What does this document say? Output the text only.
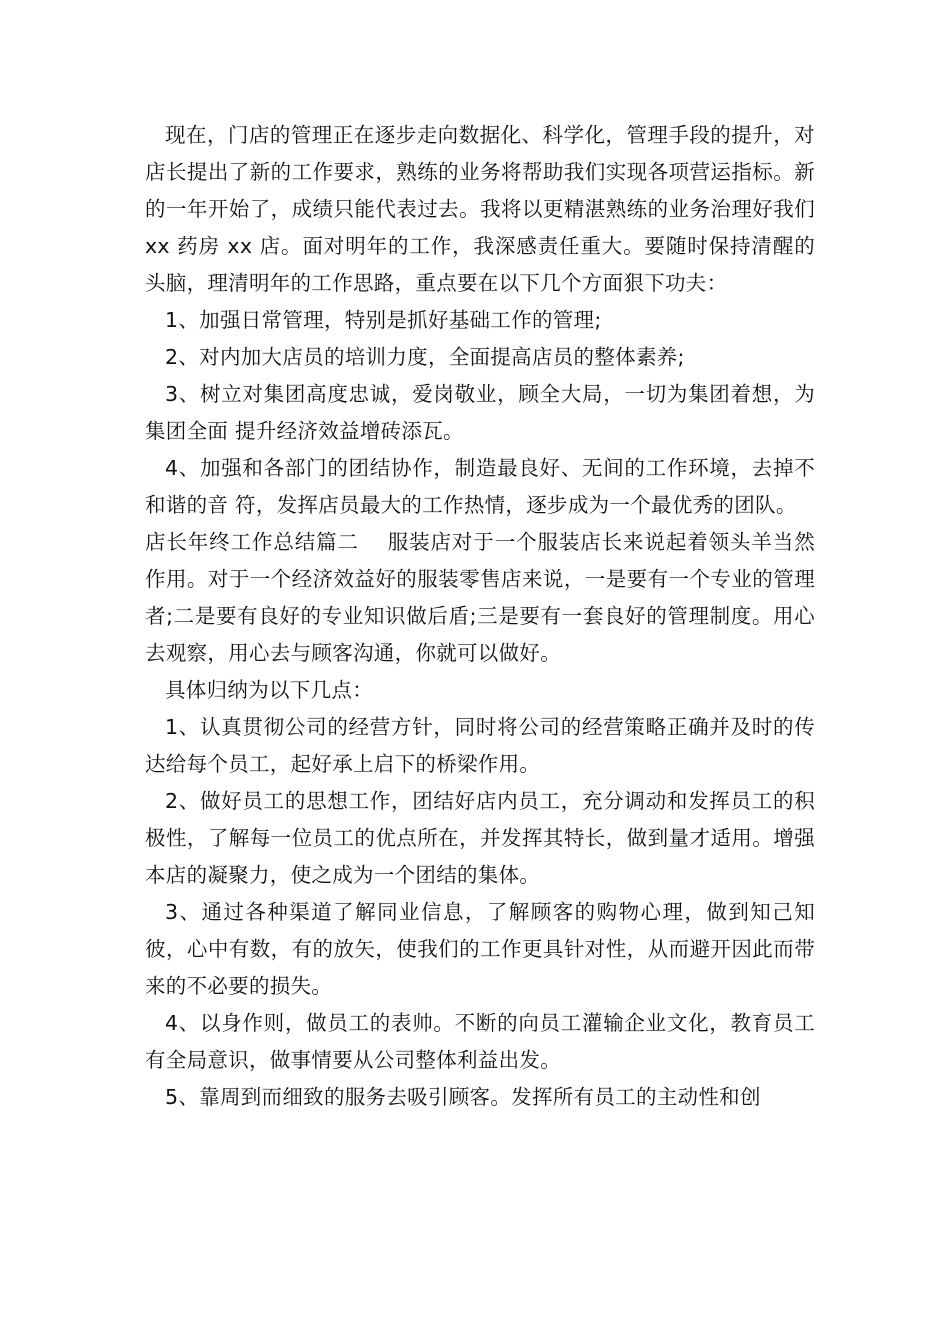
现在，门店的管理正在逐步走向数据化、科学化，管理手段的提升，对店长提出了新的工作要求，熟练的业务将帮助我们实现各项营运指标。新的一年开始了，成绩只能代表过去。我将以更精湛熟练的业务治理好我们 xx 药房 xx 店。面对明年的工作，我深感责任重大。要随时保持清醒的头脑，理清明年的工作思路，重点要在以下几个方面狠下功夫：

1、加强日常管理，特别是抓好基础工作的管理;

2、对内加大店员的培训力度，全面提高店员的整体素养;

3、树立对集团高度忠诚，爱岗敬业，顾全大局，一切为集团着想，为集团全面 提升经济效益增砖添瓦。

4、加强和各部门的团结协作，制造最良好、无间的工作环境，去掉不和谐的音 符，发挥店员最大的工作热情，逐步成为一个最优秀的团队。

店长年终工作总结篇二　 服装店对于一个服装店长来说起着领头羊当然作用。对于一个经济效益好的服装零售店来说，一是要有一个专业的管理者;二是要有良好的专业知识做后盾;三是要有一套良好的管理制度。用心去观察，用心去与顾客沟通，你就可以做好。

具体归纳为以下几点：

1、认真贯彻公司的经营方针，同时将公司的经营策略正确并及时的传达给每个员工，起好承上启下的桥梁作用。

2、做好员工的思想工作，团结好店内员工，充分调动和发挥员工的积极性，了解每一位员工的优点所在，并发挥其特长，做到量才适用。增强本店的凝聚力，使之成为一个团结的集体。

3、通过各种渠道了解同业信息，了解顾客的购物心理，做到知己知彼，心中有数，有的放矢，使我们的工作更具针对性，从而避开因此而带来的不必要的损失。

4、以身作则，做员工的表帅。不断的向员工灌输企业文化，教育员工有全局意识，做事情要从公司整体利益出发。

5、靠周到而细致的服务去吸引顾客。发挥所有员工的主动性和创
